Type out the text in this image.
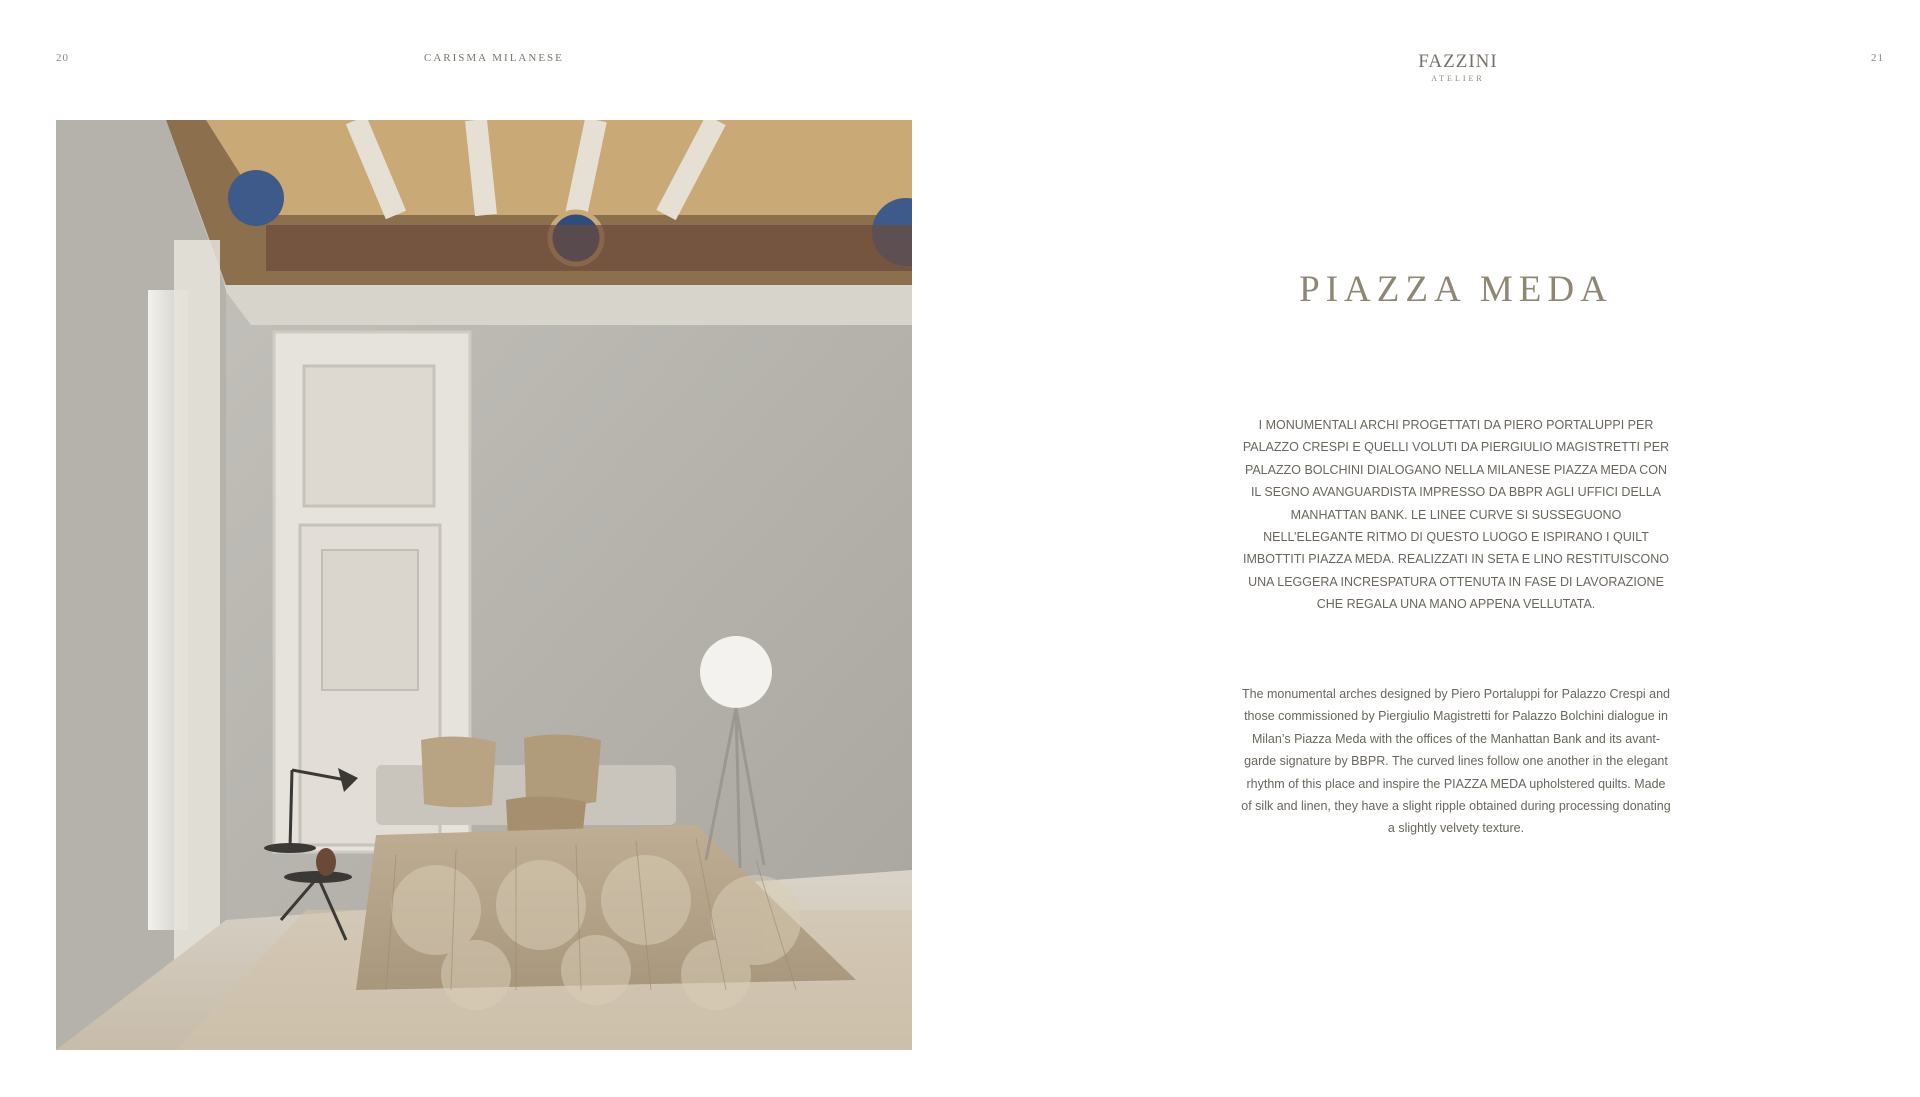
20	CARISMA MILANESE	FAZZINI
ATELIER
21
PIAZZA MEDA

I MONUMENTALI ARCHI PROGETTATI DA PIERO PORTALUPPI PER PALAZZO CRESPI E QUELLI VOLUTI DA PIERGIULIO MAGISTRETTI PER PALAZZO BOLCHINI DIALOGANO NELLA MILANESE PIAZZA MEDA CON IL SEGNO AVANGUARDISTA IMPRESSO DA BBPR AGLI UFFICI DELLA MANHATTAN BANK. LE LINEE CURVE SI SUSSEGUONO NELL’ELEGANTE RITMO DI QUESTO LUOGO E ISPIRANO I QUILT IMBOTTITI PIAZZA MEDA. REALIZZATI IN SETA E LINO RESTITUISCONO UNA LEGGERA INCRESPATURA OTTENUTA IN FASE DI LAVORAZIONE CHE REGALA UNA MANO APPENA VELLUTATA.

The monumental arches designed by Piero Portaluppi for Palazzo Crespi and those commissioned by Piergiulio Magistretti for Palazzo Bolchini dialogue in Milan’s Piazza Meda with the offices of the Manhattan Bank and its avant-garde signature by BBPR. The curved lines follow one another in the elegant rhythm of this place and inspire the PIAZZA MEDA upholstered quilts. Made of silk and linen, they have a slight ripple obtained during processing donating a slightly velvety texture.
